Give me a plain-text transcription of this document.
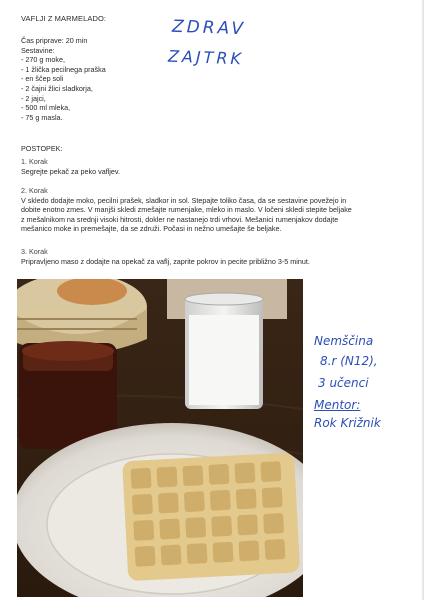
VAFLJI Z MARMELADO:	ZDRAV
ZAJTRK
Čas priprave: 20 min
Sestavine:
- 270 g moke,
- 1 žlička pecilnega praška
- en ščep soli
- 2 čajni žlici sladkorja,
- 2 jajci,
- 500 ml mleka,
- 75 g masla.
POSTOPEK:
1. Korak
Segrejte pekač za peko vafljev.
2. Korak
V skledo dodajte moko, pecilni prašek, sladkor in sol. Stepajte toliko časa, da se sestavine povežejo in
dobite enotno zmes. V manjši skledi zmešajte rumenjake, mleko in maslo. V ločeni skledi stepite beljake
z mešalnikom na srednji visoki hitrosti, dokler ne nastanejo trdi vrhovi. Mešanici rumenjakov dodajte
mešanico moke in premešajte, da se združi. Počasi in nežno umešajte še beljake.
3. Korak
Pripravljeno maso z dodajte na opekač za vaflj, zaprite pokrov in pecite približno 3-5 minut.
Nemščina
8.r (N12),
3 učenci
Mentor:
Rok Križnik
